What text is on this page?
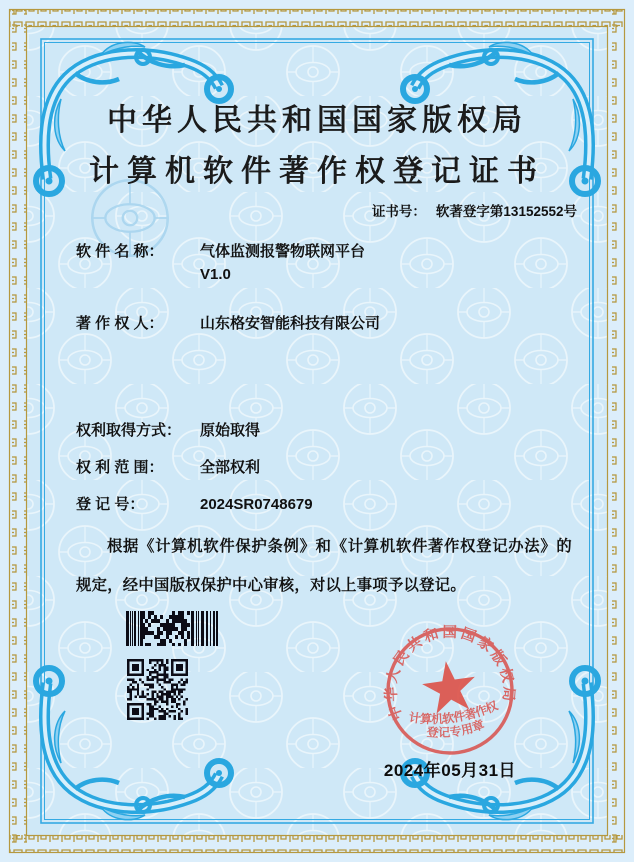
中华人民共和国国家版权局
计算机软件著作权登记证书
证书号： 软著登字第13152552号
软 件 名 称： 气体监测报警物联网平台
V1.0
著 作 权 人： 山东格安智能科技有限公司
权利取得方式： 原始取得
权 利 范 围： 全部权利
登 记 号：	2024SR0748679
根据《计算机软件保护条例》和《计算机软件著作权登记办法》的规定，经中国版权保护中心审核，对以上事项予以登记。
中华人民共和国国家版权局
计算机软件著作权
登记专用章
2024年05月31日
